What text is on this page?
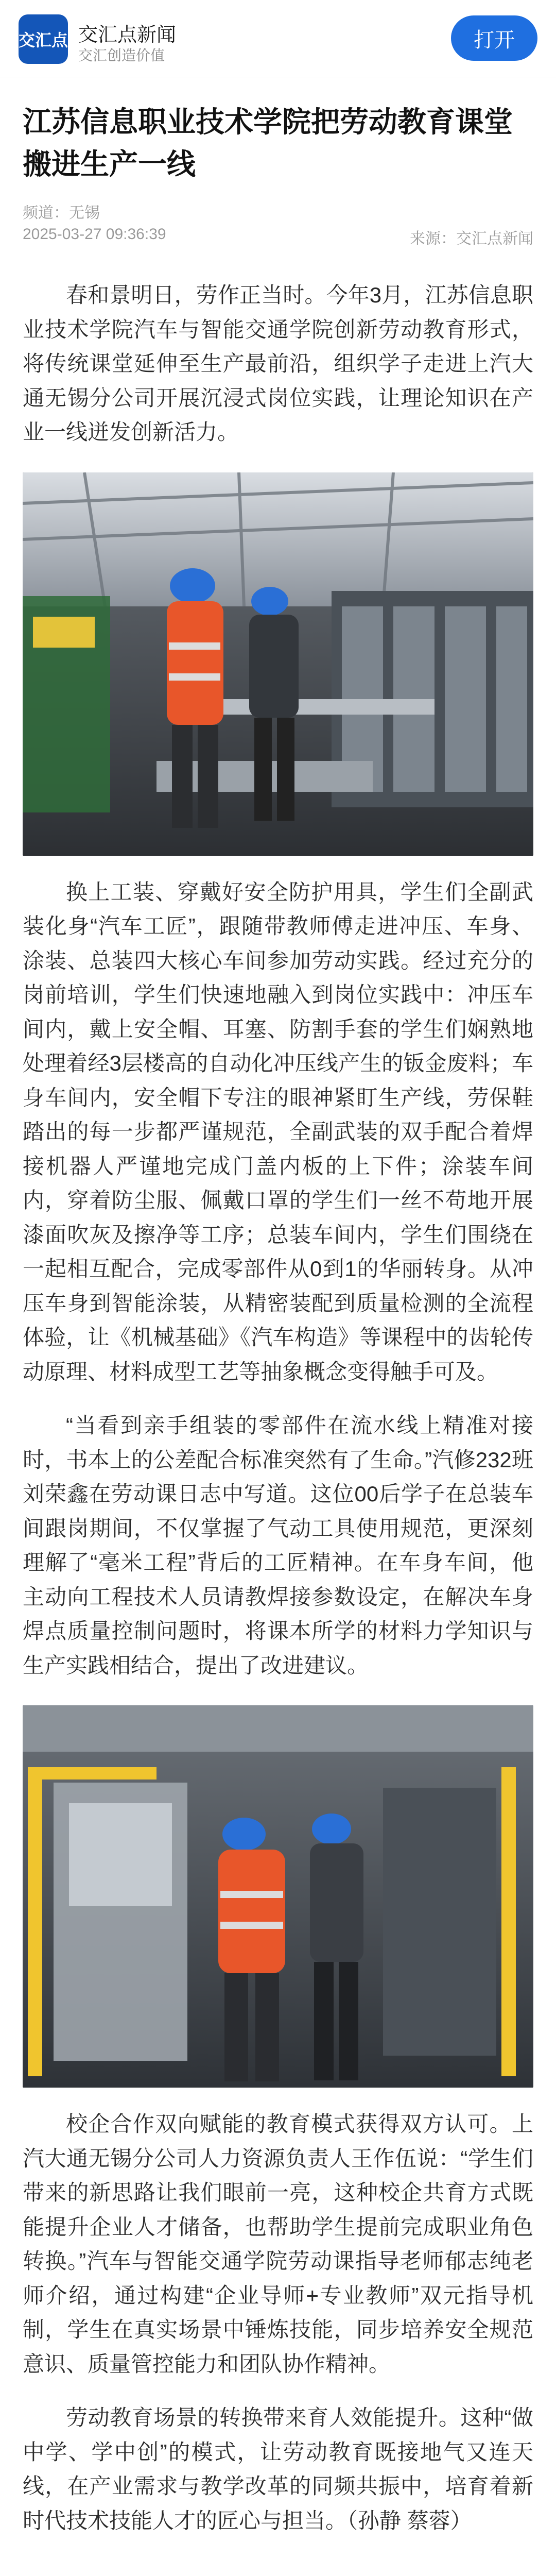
交汇点 交汇点新闻
交汇创造价值
打开
江苏信息职业技术学院把劳动教育课堂搬进生产一线
频道：无锡
2025-03-27 09:36:39	来源：交汇点新闻

春和景明日，劳作正当时。今年3月，江苏信息职业技术学院汽车与智能交通学院创新劳动教育形式，将传统课堂延伸至生产最前沿，组织学子走进上汽大通无锡分公司开展沉浸式岗位实践，让理论知识在产业一线迸发创新活力。

换上工装、穿戴好安全防护用具，学生们全副武装化身“汽车工匠”，跟随带教师傅走进冲压、车身、涂装、总装四大核心车间参加劳动实践。经过充分的岗前培训，学生们快速地融入到岗位实践中：冲压车间内，戴上安全帽、耳塞、防割手套的学生们娴熟地处理着经3层楼高的自动化冲压线产生的钣金废料；车身车间内，安全帽下专注的眼神紧盯生产线，劳保鞋踏出的每一步都严谨规范，全副武装的双手配合着焊接机器人严谨地完成门盖内板的上下件；涂装车间内，穿着防尘服、佩戴口罩的学生们一丝不苟地开展漆面吹灰及擦净等工序；总装车间内，学生们围绕在一起相互配合，完成零部件从0到1的华丽转身。从冲压车身到智能涂装，从精密装配到质量检测的全流程体验，让《机械基础》《汽车构造》等课程中的齿轮传动原理、材料成型工艺等抽象概念变得触手可及。

“当看到亲手组装的零部件在流水线上精准对接时，书本上的公差配合标准突然有了生命。”汽修232班刘荣鑫在劳动课日志中写道。这位00后学子在总装车间跟岗期间，不仅掌握了气动工具使用规范，更深刻理解了“毫米工程”背后的工匠精神。在车身车间，他主动向工程技术人员请教焊接参数设定，在解决车身焊点质量控制问题时，将课本所学的材料力学知识与生产实践相结合，提出了改进建议。

校企合作双向赋能的教育模式获得双方认可。上汽大通无锡分公司人力资源负责人王作伍说：“学生们带来的新思路让我们眼前一亮，这种校企共育方式既能提升企业人才储备，也帮助学生提前完成职业角色转换。”汽车与智能交通学院劳动课指导老师郁志纯老师介绍，通过构建“企业导师+专业教师”双元指导机制，学生在真实场景中锤炼技能，同步培养安全规范意识、质量管控能力和团队协作精神。

劳动教育场景的转换带来育人效能提升。这种“做中学、学中创”的模式，让劳动教育既接地气又连天线，在产业需求与教学改革的同频共振中，培育着新时代技术技能人才的匠心与担当。（孙静 蔡蓉）
